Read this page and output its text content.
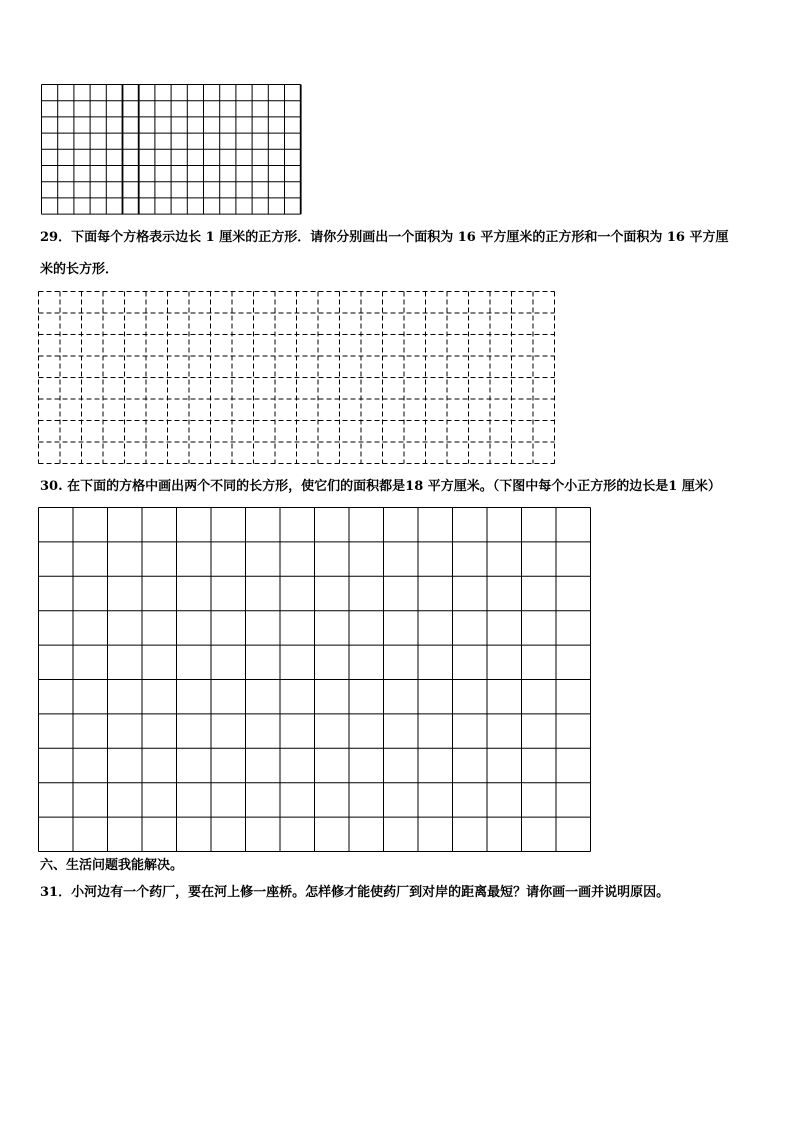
29．下面每个方格表示边长 1 厘米的正方形．请你分别画出一个面积为 16 平方厘米的正方形和一个面积为 16 平方厘
米的长方形．
30. 在下面的方格中画出两个不同的长方形，使它们的面积都是18 平方厘米。（下图中每个小正方形的边长是1 厘米）
六、生活问题我能解决。
31．小河边有一个药厂，要在河上修一座桥。怎样修才能使药厂到对岸的距离最短？请你画一画并说明原因。
